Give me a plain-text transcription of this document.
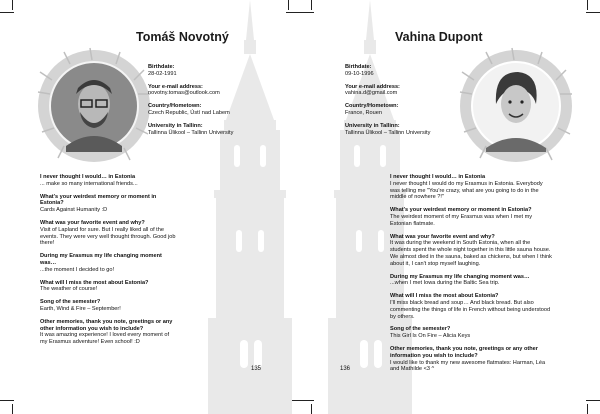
Tomáš Novotný
Birthdate:
28-02-1991
Your e-mail address:
novotny.tomas@outlook.com
Country/Hometown:
Czech Republic, Ústí nad Labem
University in Tallinn:
Tallinna Ülikool – Tallinn University
I never thought I would… in Estonia
... make so many international friends...
What's your weirdest memory or moment in Estonia?
Cards Against Humanity :D
What was your favorite event and why?
Visit of Lapland for sure. But I really liked all of the events. They were very well thought through. Good job there!
During my Erasmus my life changing moment was…
...the moment I decided to go!
What will I miss the most about Estonia?
The weather of course!
Song of the semester?
Earth, Wind & Fire – September!
Other memories, thank you note, greetings or any other information you wish to include?
It was amazing experience! I loved every moment of my Erasmus adventure! Even school! :D
135
Vahina Dupont
Birthdate:
09-10-1996
Your e-mail address:
vahina.d@gmail.com
Country/Hometown:
France, Rouen
University in Tallinn:
Tallinna Ülikool – Tallinn University
I never thought I would… in Estonia
I never thought I would do my Erasmus in Estonia. Everybody was telling me "You're crazy, what are you going to do in the middle of nowhere ?!"
What's your weirdest memory or moment in Estonia?
The weirdest moment of my Erasmus was when I met my Estonian flatmate.
What was your favorite event and why?
It was during the weekend in South Estonia, when all the students spent the whole night together in this little sauna house. We almost died in the sauna, baked as chickens, but when I think about it, I can't stop myself laughing.
During my Erasmus my life changing moment was…
...when I met Iowa during the Baltic Sea trip.
What will I miss the most about Estonia?
I'll miss black bread and soup… And black bread. But also commenting the things of life in French without being understood by others.
Song of the semester?
This Girl Is On Fire – Alicia Keys
Other memories, thank you note, greetings or any other information you wish to include?
I would like to thank my new awesome flatmates: Harman, Léa and Mathilde <3 ^
136
